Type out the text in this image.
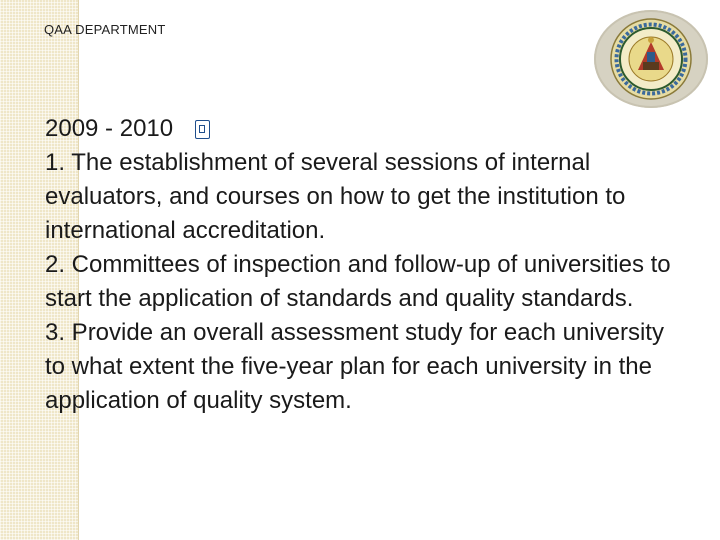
QAA DEPARTMENT

2009 - 2010

1. The establishment of several sessions of internal evaluators, and courses on how to get the institution to international accreditation.

2. Committees of inspection and follow-up of universities to start the application of standards and quality standards.

3. Provide an overall assessment study for each university to what extent the five-year plan for each university in the application of quality system.
